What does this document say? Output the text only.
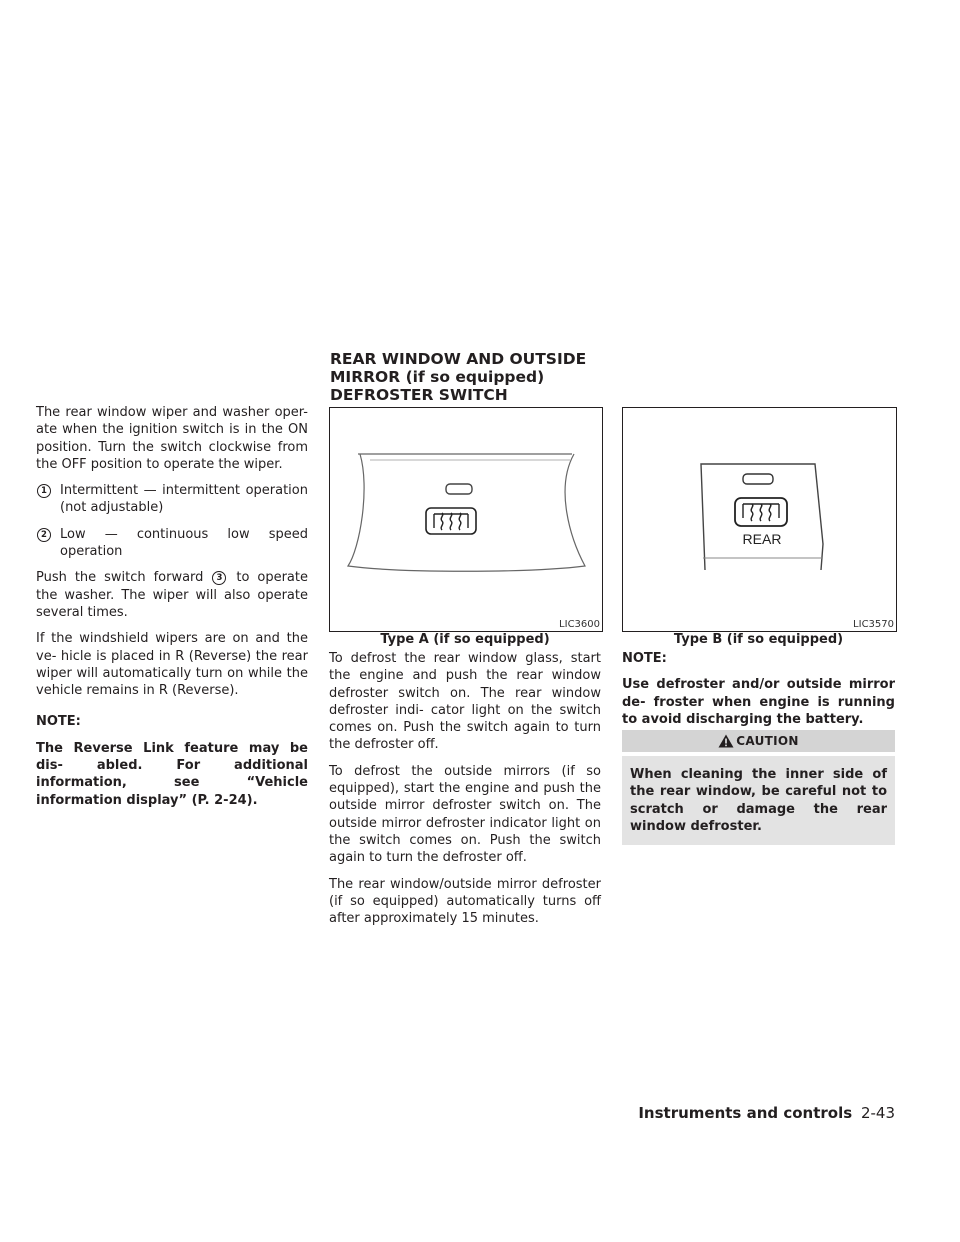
The rear window wiper and washer oper- ate when the ignition switch is in the ON position. Turn the switch clockwise from the OFF position to operate the wiper.

1	Intermittent — intermittent operation (not adjustable)
2	Low — continuous low speed operation

Push the switch forward 3 to operate the washer. The wiper will also operate several times.

If the windshield wipers are on and the ve- hicle is placed in R (Reverse) the rear wiper will automatically turn on while the vehicle remains in R (Reverse).

NOTE:

The Reverse Link feature may be dis- abled. For additional information, see “Vehicle information display” (P. 2-24).

REAR WINDOW AND OUTSIDE
MIRROR (if so equipped)
DEFROSTER SWITCH
LIC3600
Type A (if so equipped)
REAR
LIC3570
Type B (if so equipped)

To defrost the rear window glass, start the engine and push the rear window defroster switch on. The rear window defroster indi- cator light on the switch comes on. Push the switch again to turn the defroster off.

To defrost the outside mirrors (if so equipped), start the engine and push the outside mirror defroster switch on. The outside mirror defroster indicator light on the switch comes on. Push the switch again to turn the defroster off.

The rear window/outside mirror defroster (if so equipped) automatically turns off after approximately 15 minutes.

NOTE:

Use defroster and/or outside mirror de- froster when engine is running to avoid discharging the battery.

CAUTION
When cleaning the inner side of the rear window, be careful not to scratch or damage the rear window defroster.
Instruments and controls 2-43
